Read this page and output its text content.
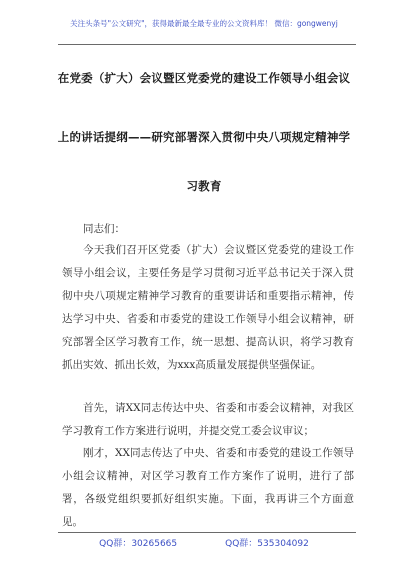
关注头条号"公文研究"，获得最新最全最专业的公文资料库！ 微信：gongwenyj
在党委（扩大）会议暨区党委党的建设工作领导小组会议
上的讲话提纲——研究部署深入贯彻中央八项规定精神学
习教育
同志们：
今天我们召开区党委（扩大）会议暨区党委党的建设工作领导小组会议，主要任务是学习贯彻习近平总书记关于深入贯彻中央八项规定精神学习教育的重要讲话和重要指示精神，传达学习中央、省委和市委党的建设工作领导小组会议精神，研究部署全区学习教育工作，统一思想、提高认识，将学习教育抓出实效、抓出长效，为xxx高质量发展提供坚强保证。
首先，请XX同志传达中央、省委和市委会议精神，对我区学习教育工作方案进行说明，并提交党工委会议审议；
刚才，XX同志传达了中央、省委和市委党的建设工作领导小组会议精神，对区学习教育工作方案作了说明，进行了部署，各级党组织要抓好组织实施。下面，我再讲三个方面意见。
QQ群：30265665	QQ群：535304092
